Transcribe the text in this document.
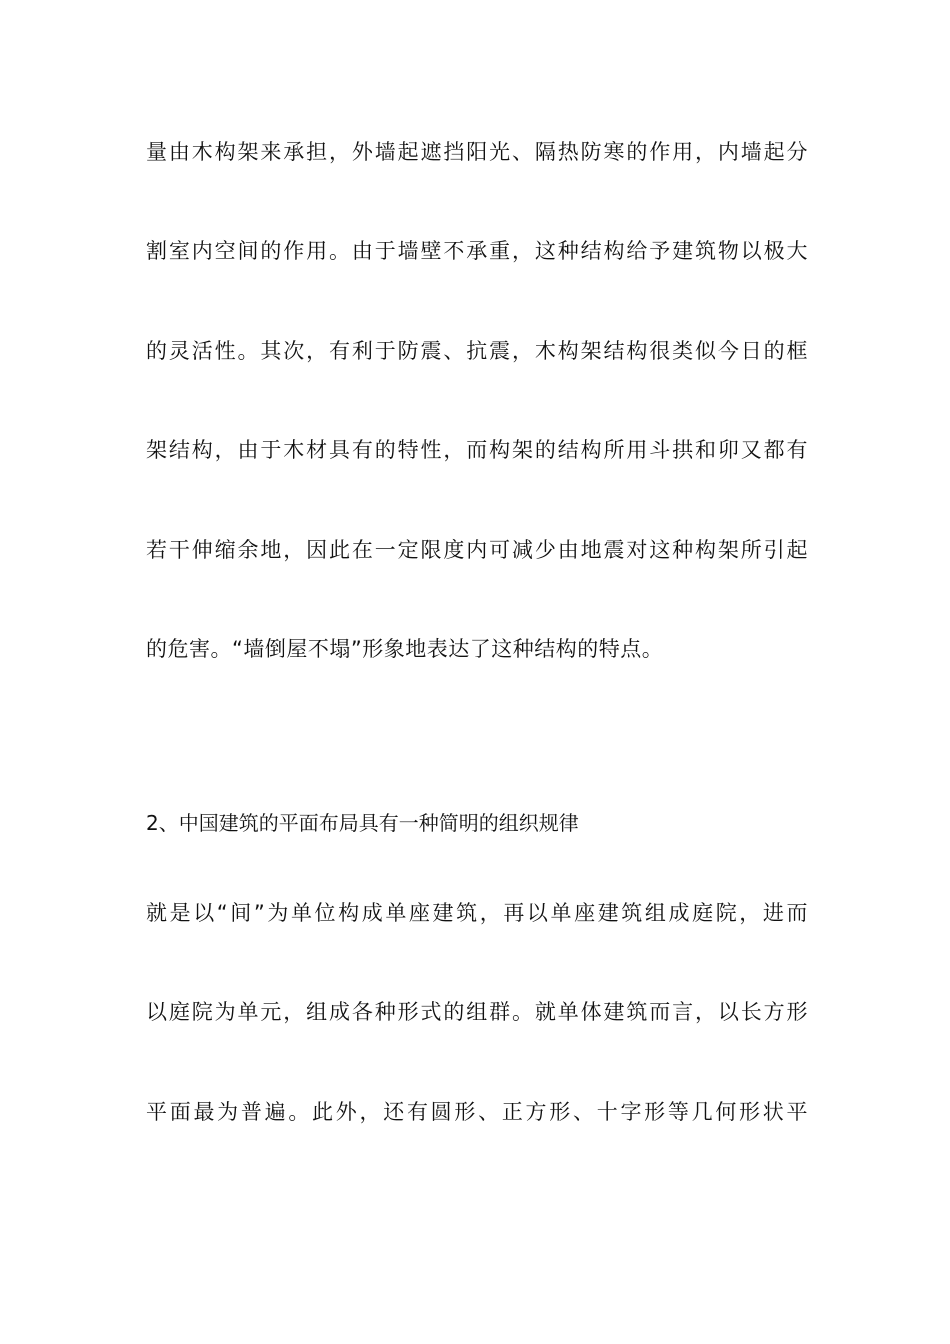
量由木构架来承担，外墙起遮挡阳光、隔热防寒的作用，内墙起分
割室内空间的作用。由于墙壁不承重，这种结构给予建筑物以极大
的灵活性。其次，有利于防震、抗震，木构架结构很类似今日的框
架结构，由于木材具有的特性，而构架的结构所用斗拱和卯又都有
若干伸缩余地，因此在一定限度内可减少由地震对这种构架所引起
的危害。“墙倒屋不塌”形象地表达了这种结构的特点。
2、中国建筑的平面布局具有一种简明的组织规律
就是以“间”为单位构成单座建筑，再以单座建筑组成庭院，进而
以庭院为单元，组成各种形式的组群。就单体建筑而言，以长方形
平面最为普遍。此外，还有圆形、正方形、十字形等几何形状平
